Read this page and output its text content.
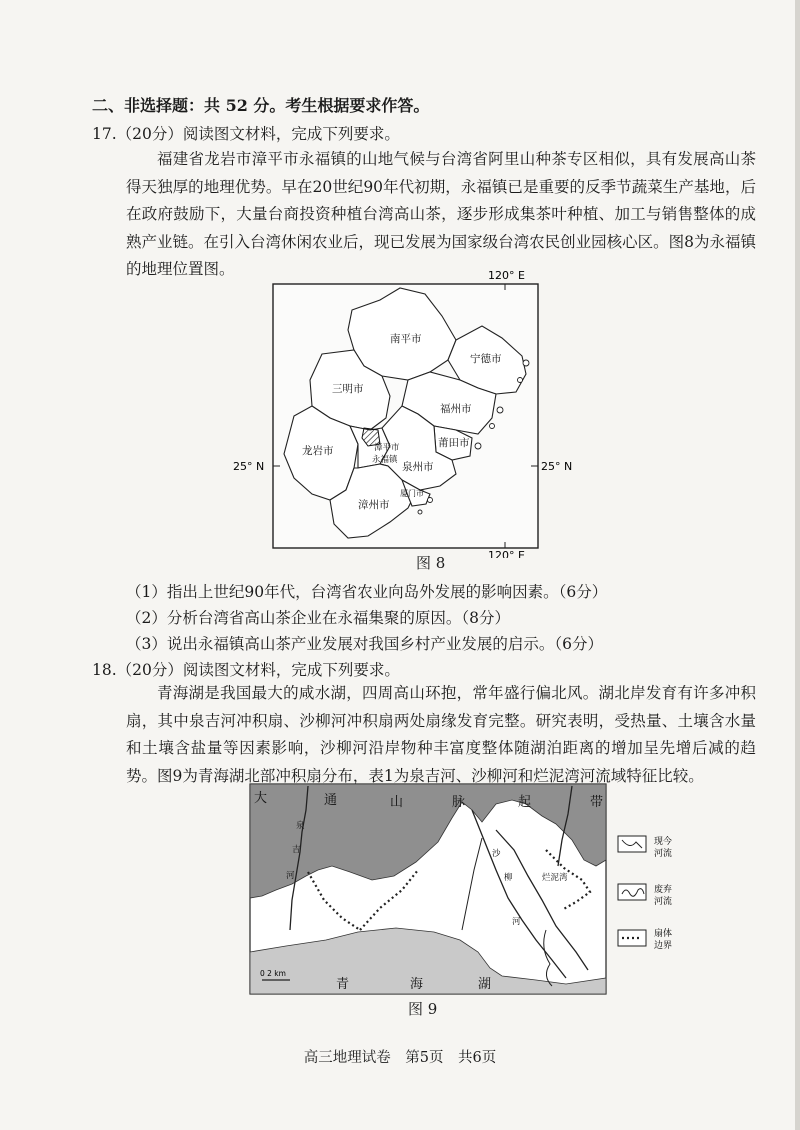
二、非选择题：共 52 分。考生根据要求作答。
17.（20分）阅读图文材料，完成下列要求。
福建省龙岩市漳平市永福镇的山地气候与台湾省阿里山种茶专区相似，具有发展高山茶得天独厚的地理优势。早在20世纪90年代初期，永福镇已是重要的反季节蔬菜生产基地，后在政府鼓励下，大量台商投资种植台湾高山茶，逐步形成集茶叶种植、加工与销售整体的成熟产业链。在引入台湾休闲农业后，现已发展为国家级台湾农民创业园核心区。图8为永福镇的地理位置图。	120° E
120° E
25° N	25° N
南平市
宁德市
三明市
福州市
龙岩市	漳平市
永福镇
莆田市
泉州市
漳州市
厦门市
图 8
（1）指出上世纪90年代，台湾省农业向岛外发展的影响因素。（6分）
（2）分析台湾省高山茶企业在永福集聚的原因。（8分）
（3）说出永福镇高山茶产业发展对我国乡村产业发展的启示。（6分）
18.（20分）阅读图文材料，完成下列要求。
青海湖是我国最大的咸水湖，四周高山环抱，常年盛行偏北风。湖北岸发育有许多冲积扇，其中泉吉河冲积扇、沙柳河冲积扇两处扇缘发育完整。研究表明，受热量、土壤含水量和土壤含盐量等因素影响，沙柳河沿岸物种丰富度整体随湖泊距离的增加呈先增后减的趋势。图9为青海湖北部冲积扇分布，表1为泉吉河、沙柳河和烂泥湾河流域特征比较。
大	通	山	脉	起	带
青	海	湖
泉
吉
河
沙
柳
河
烂泥湾
0 2 km
现今
河流
废弃
河流
扇体
边界
图 9
高三地理试卷　第5页　共6页
